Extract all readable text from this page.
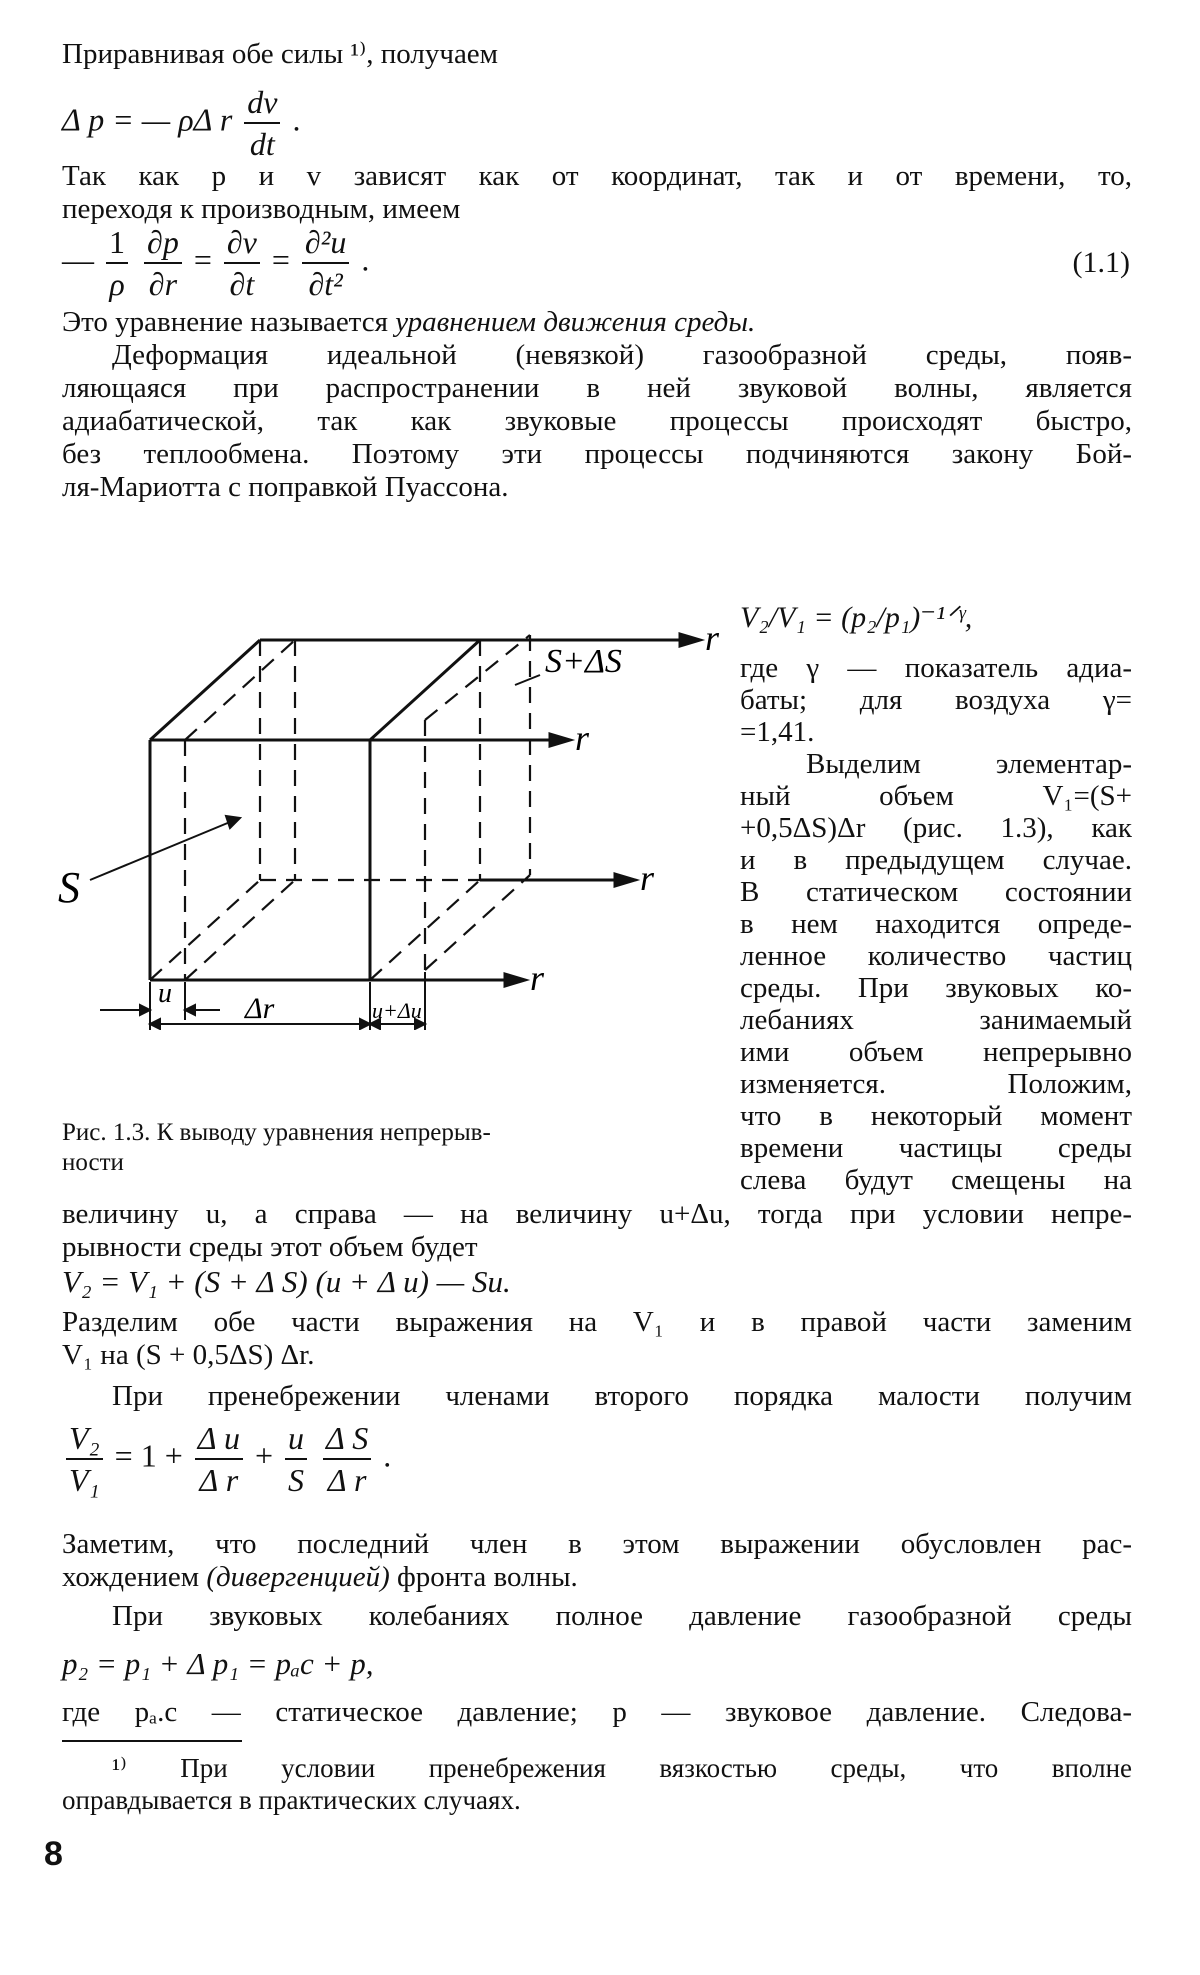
Приравнивая обе силы ¹⁾, получаем
Δ p = — ρΔ r $\frac{dv}{dt}$ .
Так как p и v зависят как от координат, так и от времени, то,
переходя к производным, имеем
— $\frac{1}{\rho}$
$\frac{\partial p}{\partial r} = \frac{\partial v}{\partial t} = \frac{\text{∂²u}}{\text{∂t²}}$ .	(1.1)
Это уравнение называется уравнением движения среды.
Деформация идеальной (невязкой) газообразной среды, появ-
ляющаяся при распространении в ней звуковой волны, является
адиабатической, так как звуковые процессы происходят быстро,
без теплообмена. Поэтому эти процессы подчиняются закону Бой-
ля-Мариотта с поправкой Пуассона.
S+ΔS
r
r
r
r
S
u Δr	u+Δu
Рис. 1.3. К выводу уравнения непрерыв-
ности
V₂/V₁ = (p₂/p₁)⁻¹ᐟᵞ,
где γ — показатель адиа-
баты; для воздуха γ=
=1,41.
Выделим элементар-
ный объем V₁=(S+
+0,5ΔS)Δr (рис. 1.3), как
и в предыдущем случае.
В статическом состоянии
в нем находится опреде-
ленное количество частиц
среды. При звуковых ко-
лебаниях занимаемый
ими объем непрерывно
изменяется. Положим,
что в некоторый момент
времени частицы среды
слева будут смещены на
величину u, а справа — на величину u+Δu, тогда при условии непре-
рывности среды этот объем будет
V₂ = V₁ + (S + Δ S) (u + Δ u) — Su.
Разделим обе части выражения на V₁ и в правой части заменим
V₁ на (S + 0,5ΔS) Δr.
При пренебрежении членами второго порядка малости получим
$\frac{\text{V₂}}{\text{V₁}} = 1 + \frac{\text{Δ u}}{\text{Δ r}} + \frac{u}{S}$
$\frac{\text{Δ S}}{\text{Δ r}}$ .
Заметим, что последний член в этом выражении обусловлен рас-
хождением (дивергенцией) фронта волны.
При звуковых колебаниях полное давление газообразной среды
p₂ = p₁ + Δ p₁ = pₐc + p,
где pₐ.c — статическое давление; p — звуковое давление. Следова-
¹⁾ При условии пренебрежения вязкостью среды, что вполне
оправдывается в практических случаях.
8
